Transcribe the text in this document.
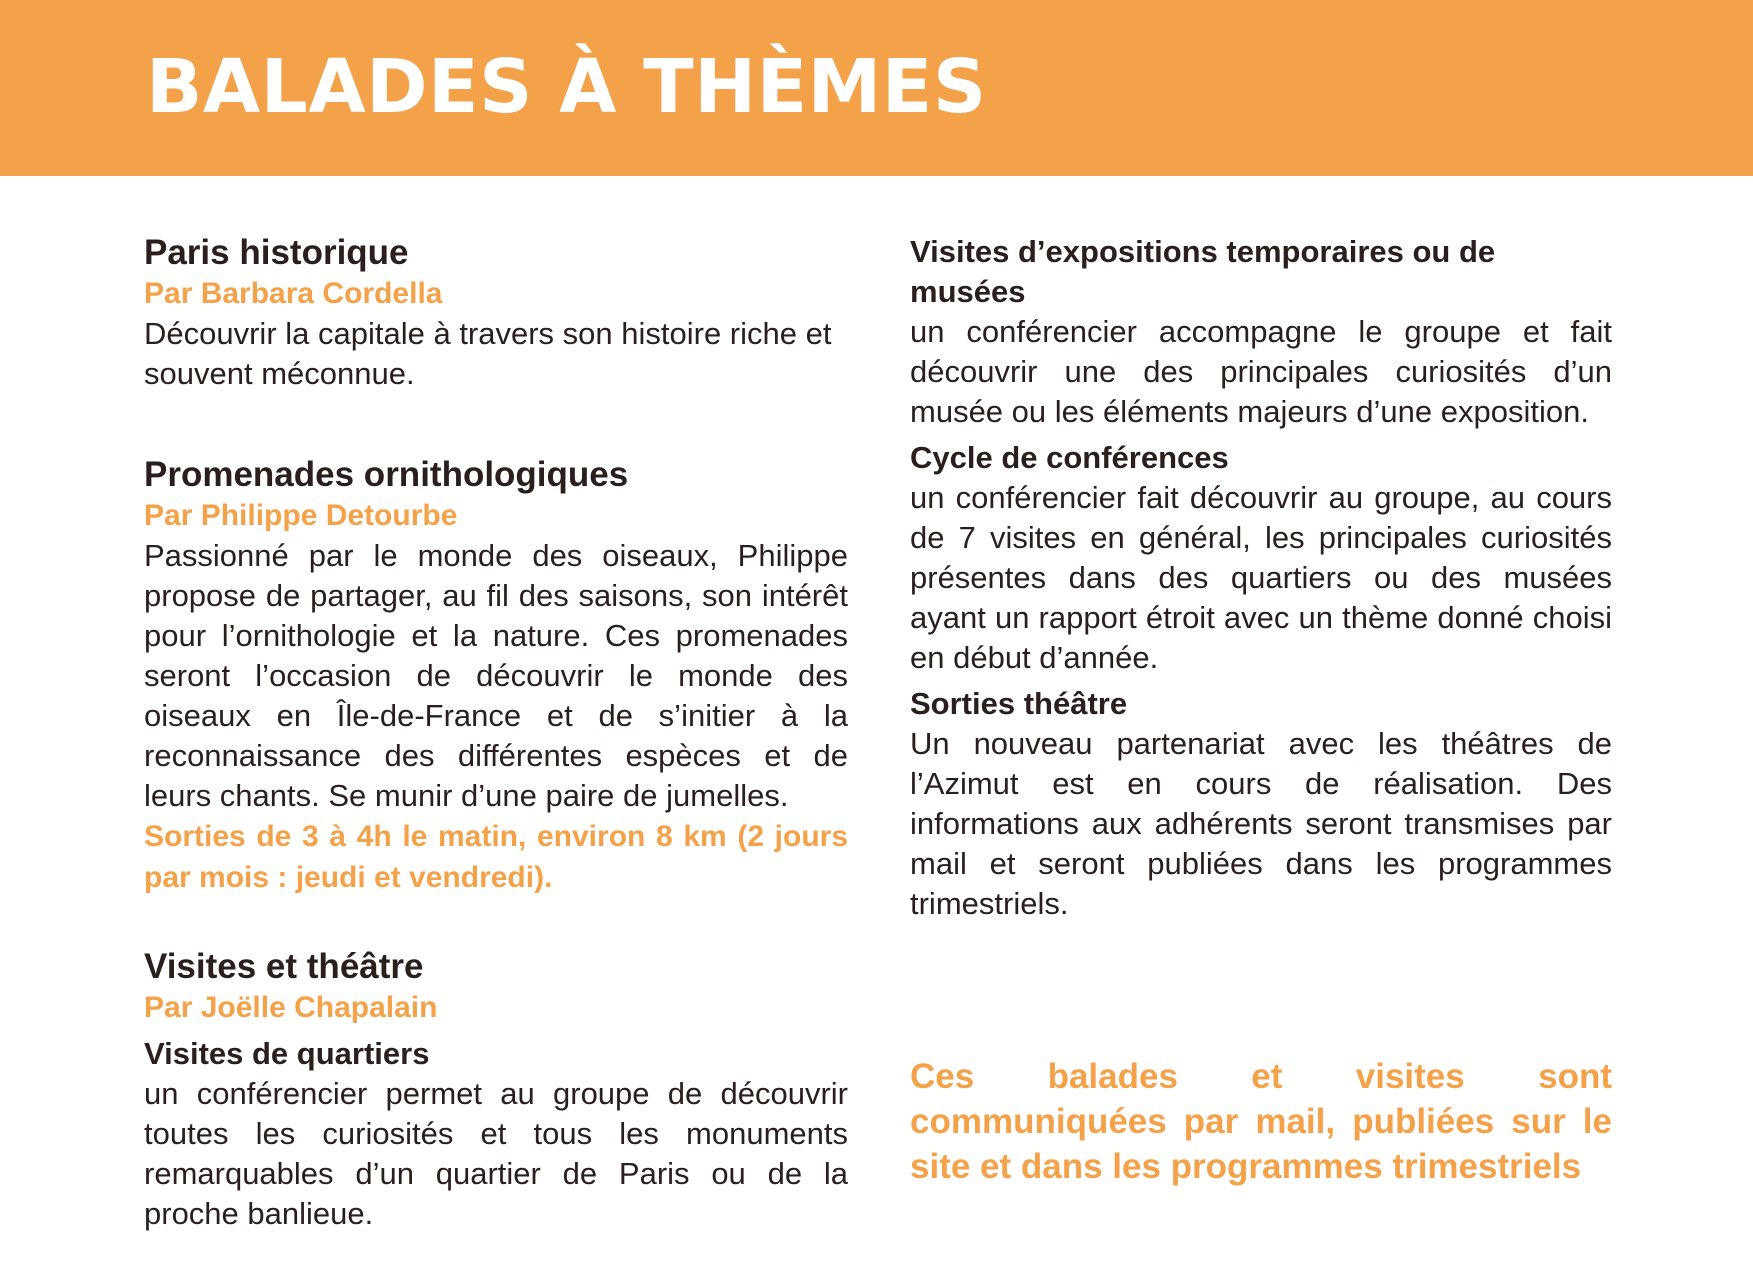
BALADES À THÈMES

Paris historique

Par Barbara Cordella

Découvrir la capitale à travers son histoire riche et souvent méconnue.

Promenades ornithologiques

Par Philippe Detourbe

Passionné par le monde des oiseaux, Philippe propose de partager, au fil des saisons, son intérêt pour l’ornithologie et la nature. Ces promenades seront l’occasion de découvrir le monde des oiseaux en Île-de-France et de s’initier à la reconnaissance des différentes espèces et de leurs chants. Se munir d’une paire de jumelles.

Sorties de 3 à 4h le matin, environ 8 km (2 jours par mois : jeudi et vendredi).

Visites et théâtre

Par Joëlle Chapalain

Visites de quartiers

un conférencier permet au groupe de découvrir toutes les curiosités et tous les monuments remarquables d’un quartier de Paris ou de la proche banlieue.

Visites d’expositions temporaires ou de musées

un conférencier accompagne le groupe et fait découvrir une des principales curiosités d’un musée ou les éléments majeurs d’une exposition.

Cycle de conférences

un conférencier fait découvrir au groupe, au cours de 7 visites en général, les principales curiosités présentes dans des quartiers ou des musées ayant un rapport étroit avec un thème donné choisi en début d’année.

Sorties théâtre

Un nouveau partenariat avec les théâtres de l’Azimut est en cours de réalisation. Des informations aux adhérents seront transmises par mail et seront publiées dans les programmes trimestriels.

Ces balades et visites sont communiquées par mail, publiées sur le site et dans les programmes trimestriels
